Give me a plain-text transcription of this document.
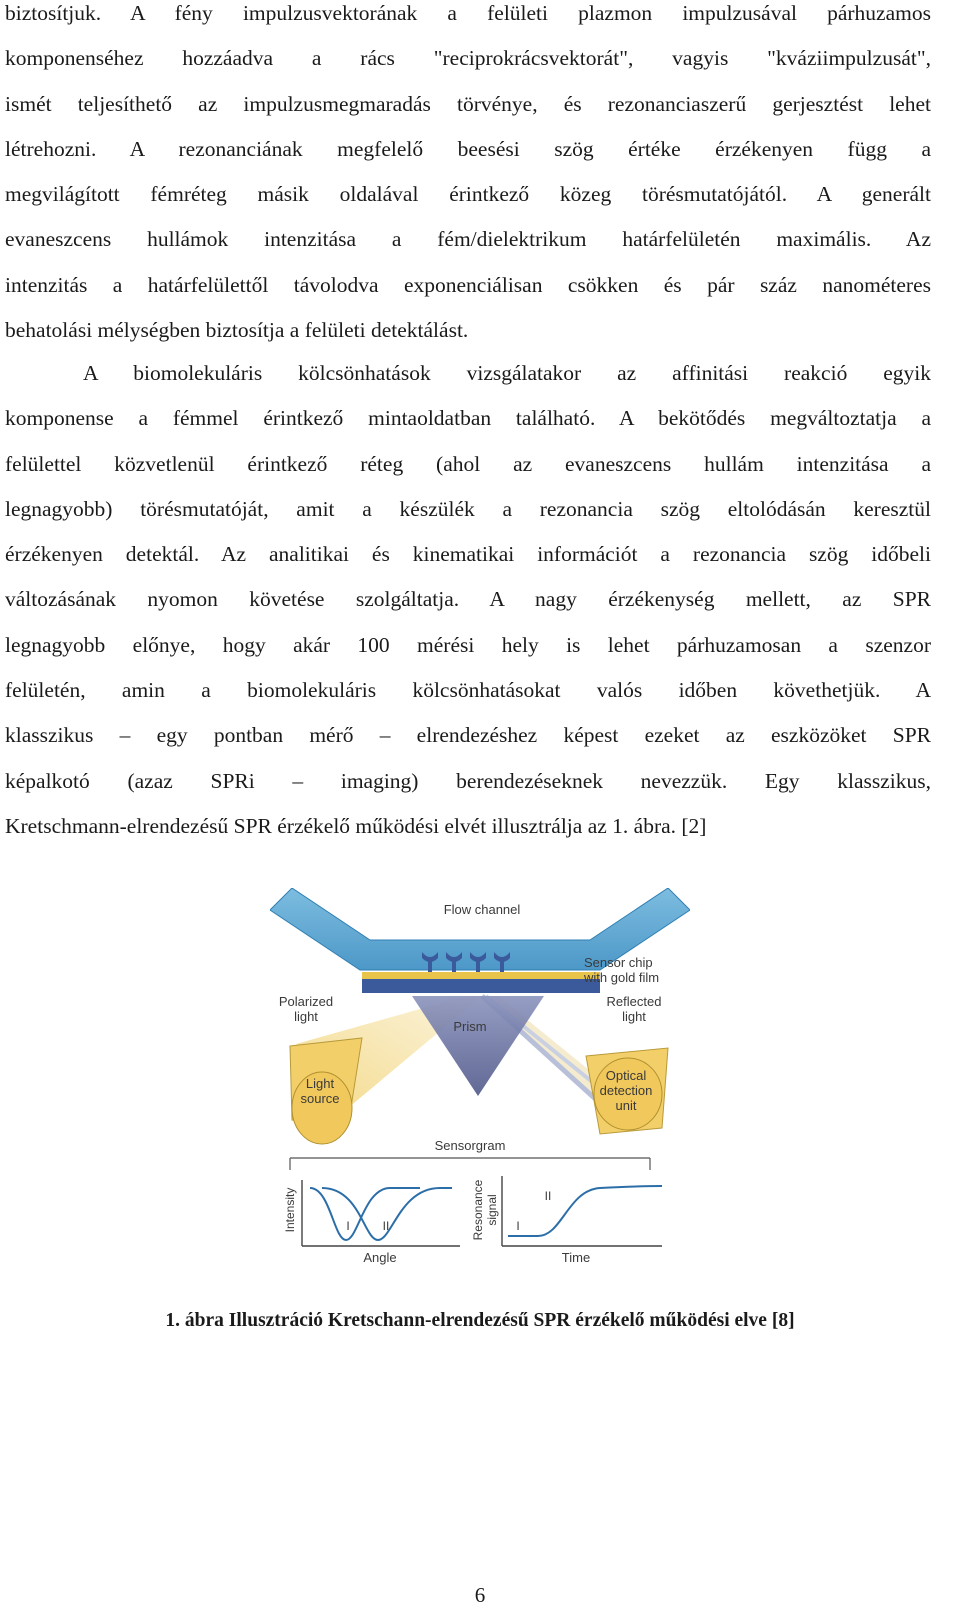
biztosítjuk. A fény impulzusvektorának a felületi plazmon impulzusával párhuzamos
komponenséhez hozzáadva a rács "reciprokrácsvektorát", vagyis "kváziimpulzusát",
ismét teljesíthető az impulzusmegmaradás törvénye, és rezonanciaszerű gerjesztést lehet
létrehozni. A rezonanciának megfelelő beesési szög értéke érzékenyen függ a
megvilágított fémréteg másik oldalával érintkező közeg törésmutatójától. A generált
evaneszcens hullámok intenzitása a fém/dielektrikum határfelületén maximális. Az
intenzitás a határfelülettől távolodva exponenciálisan csökken és pár száz nanométeres
behatolási mélységben biztosítja a felületi detektálást.
A biomolekuláris kölcsönhatások vizsgálatakor az affinitási reakció egyik
komponense a fémmel érintkező mintaoldatban található. A bekötődés megváltoztatja a
felülettel közvetlenül érintkező réteg (ahol az evaneszcens hullám intenzitása a
legnagyobb) törésmutatóját, amit a készülék a rezonancia szög eltolódásán keresztül
érzékenyen detektál. Az analitikai és kinematikai információt a rezonancia szög időbeli
változásának nyomon követése szolgáltatja. A nagy érzékenység mellett, az SPR
legnagyobb előnye, hogy akár 100 mérési hely is lehet párhuzamosan a szenzor
felületén, amin a biomolekuláris kölcsönhatásokat valós időben követhetjük. A
klasszikus – egy pontban mérő – elrendezéshez képest ezeket az eszközöket SPR
képalkotó (azaz SPRi – imaging) berendezéseknek nevezzük. Egy klasszikus,
Kretschmann-elrendezésű SPR érzékelő működési elvét illusztrálja az 1. ábra. [2]
Flow channel
Prism
Light source
Optical detection unit
Sensor chip with gold film
Polarized light
Reflected light
Sensorgram
I	II
Intensity
Angle
I
II
Resonancesignal
Time
1. ábra Illusztráció Kretschann-elrendezésű SPR érzékelő működési elve [8]
6
